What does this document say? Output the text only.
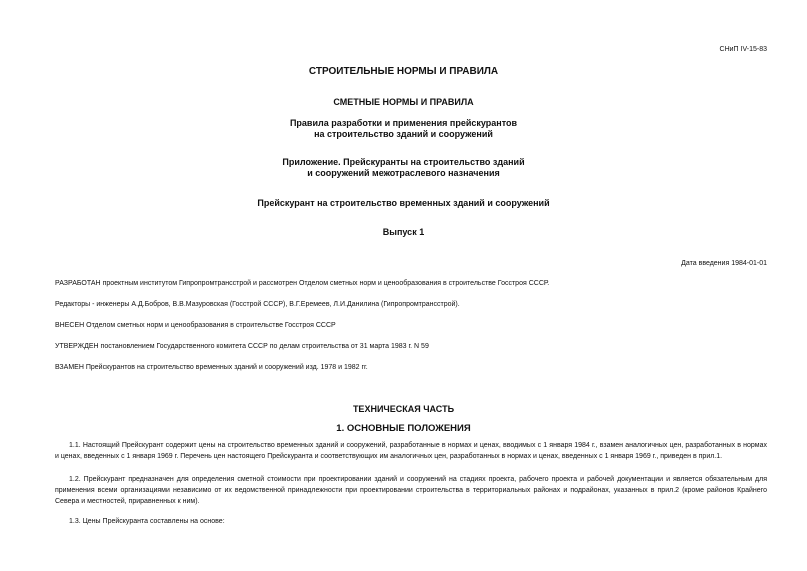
СНиП IV-15-83
СТРОИТЕЛЬНЫЕ НОРМЫ И ПРАВИЛА
СМЕТНЫЕ НОРМЫ И ПРАВИЛА
Правила разработки и применения прейскурантов
на строительство зданий и сооружений
Приложение. Прейскуранты на строительство зданий
и сооружений межотраслевого назначения
Прейскурант на строительство временных зданий и сооружений
Выпуск 1
Дата введения 1984-01-01
РАЗРАБОТАН проектным институтом Гипропромтрансстрой и рассмотрен Отделом сметных норм и ценообразования в строительстве Госстроя СССР.
Редакторы - инженеры А.Д.Бобров, В.В.Мазуровская (Госстрой СССР), В.Г.Еремеев, Л.И.Данилина (Гипропромтрансстрой).
ВНЕСЕН Отделом сметных норм и ценообразования в строительстве Госстроя СССР
УТВЕРЖДЕН постановлением Государственного комитета СССР по делам строительства от 31 марта 1983 г. N 59
ВЗАМЕН Прейскурантов на строительство временных зданий и сооружений изд. 1978 и 1982 гг.
ТЕХНИЧЕСКАЯ ЧАСТЬ
1. ОСНОВНЫЕ ПОЛОЖЕНИЯ

1.1. Настоящий Прейскурант содержит цены на строительство временных зданий и сооружений, разработанные в нормах и ценах, вводимых с 1 января 1984 г., взамен аналогичных цен, разработанных в нормах и ценах, введенных с 1 января 1969 г. Перечень цен настоящего Прейскуранта и соответствующих им аналогичных цен, разработанных в нормах и ценах, введенных с 1 января 1969 г., приведен в прил.1.

1.2. Прейскурант предназначен для определения сметной стоимости при проектировании зданий и сооружений на стадиях проекта, рабочего проекта и рабочей документации и является обязательным для применения всеми организациями независимо от их ведомственной принадлежности при проектировании строительства в территориальных районах и подрайонах, указанных в прил.2 (кроме районов Крайнего Севера и местностей, приравненных к ним).

1.3. Цены Прейскуранта составлены на основе:
